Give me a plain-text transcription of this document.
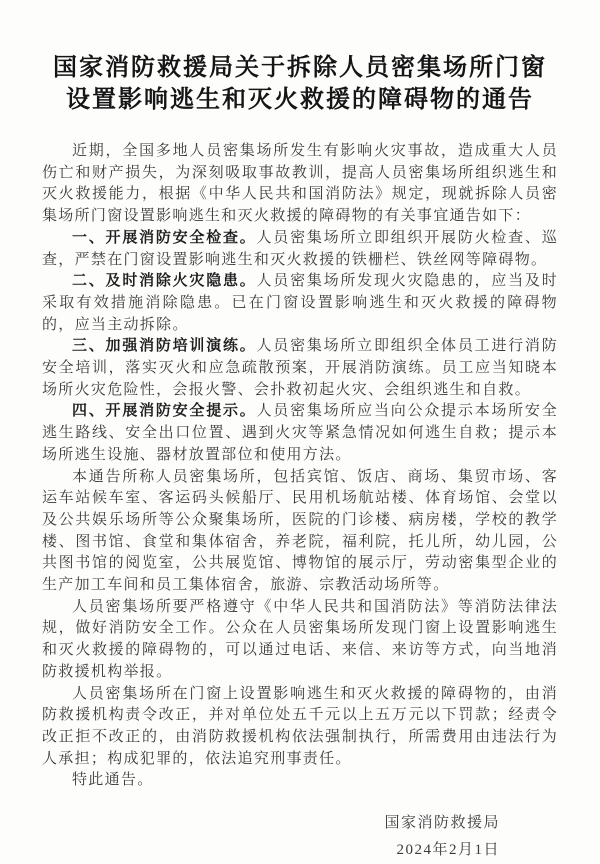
国家消防救援局关于拆除人员密集场所门窗
设置影响逃生和灭火救援的障碍物的通告

近期，全国多地人员密集场所发生有影响火灾事故，造成重大人员伤亡和财产损失，为深刻吸取事故教训，提高人员密集场所组织逃生和灭火救援能力，根据《中华人民共和国消防法》规定，现就拆除人员密集场所门窗设置影响逃生和灭火救援的障碍物的有关事宜通告如下：

一、开展消防安全检查。人员密集场所立即组织开展防火检查、巡查，严禁在门窗设置影响逃生和灭火救援的铁栅栏、铁丝网等障碍物。

二、及时消除火灾隐患。人员密集场所发现火灾隐患的，应当及时采取有效措施消除隐患。已在门窗设置影响逃生和灭火救援的障碍物的，应当主动拆除。

三、加强消防培训演练。人员密集场所立即组织全体员工进行消防安全培训，落实灭火和应急疏散预案，开展消防演练。员工应当知晓本场所火灾危险性，会报火警、会扑救初起火灾、会组织逃生和自救。

四、开展消防安全提示。人员密集场所应当向公众提示本场所安全逃生路线、安全出口位置、遇到火灾等紧急情况如何逃生自救；提示本场所逃生设施、器材放置部位和使用方法。

本通告所称人员密集场所，包括宾馆、饭店、商场、集贸市场、客运车站候车室、客运码头候船厅、民用机场航站楼、体育场馆、会堂以及公共娱乐场所等公众聚集场所，医院的门诊楼、病房楼，学校的教学楼、图书馆、食堂和集体宿舍，养老院，福利院，托儿所，幼儿园，公共图书馆的阅览室，公共展览馆、博物馆的展示厅，劳动密集型企业的生产加工车间和员工集体宿舍，旅游、宗教活动场所等。

人员密集场所要严格遵守《中华人民共和国消防法》等消防法律法规，做好消防安全工作。公众在人员密集场所发现门窗上设置影响逃生和灭火救援的障碍物的，可以通过电话、来信、来访等方式，向当地消防救援机构举报。

人员密集场所在门窗上设置影响逃生和灭火救援的障碍物的，由消防救援机构责令改正，并对单位处五千元以上五万元以下罚款；经责令改正拒不改正的，由消防救援机构依法强制执行，所需费用由违法行为人承担；构成犯罪的，依法追究刑事责任。

特此通告。

国家消防救援局
2024年2月1日
